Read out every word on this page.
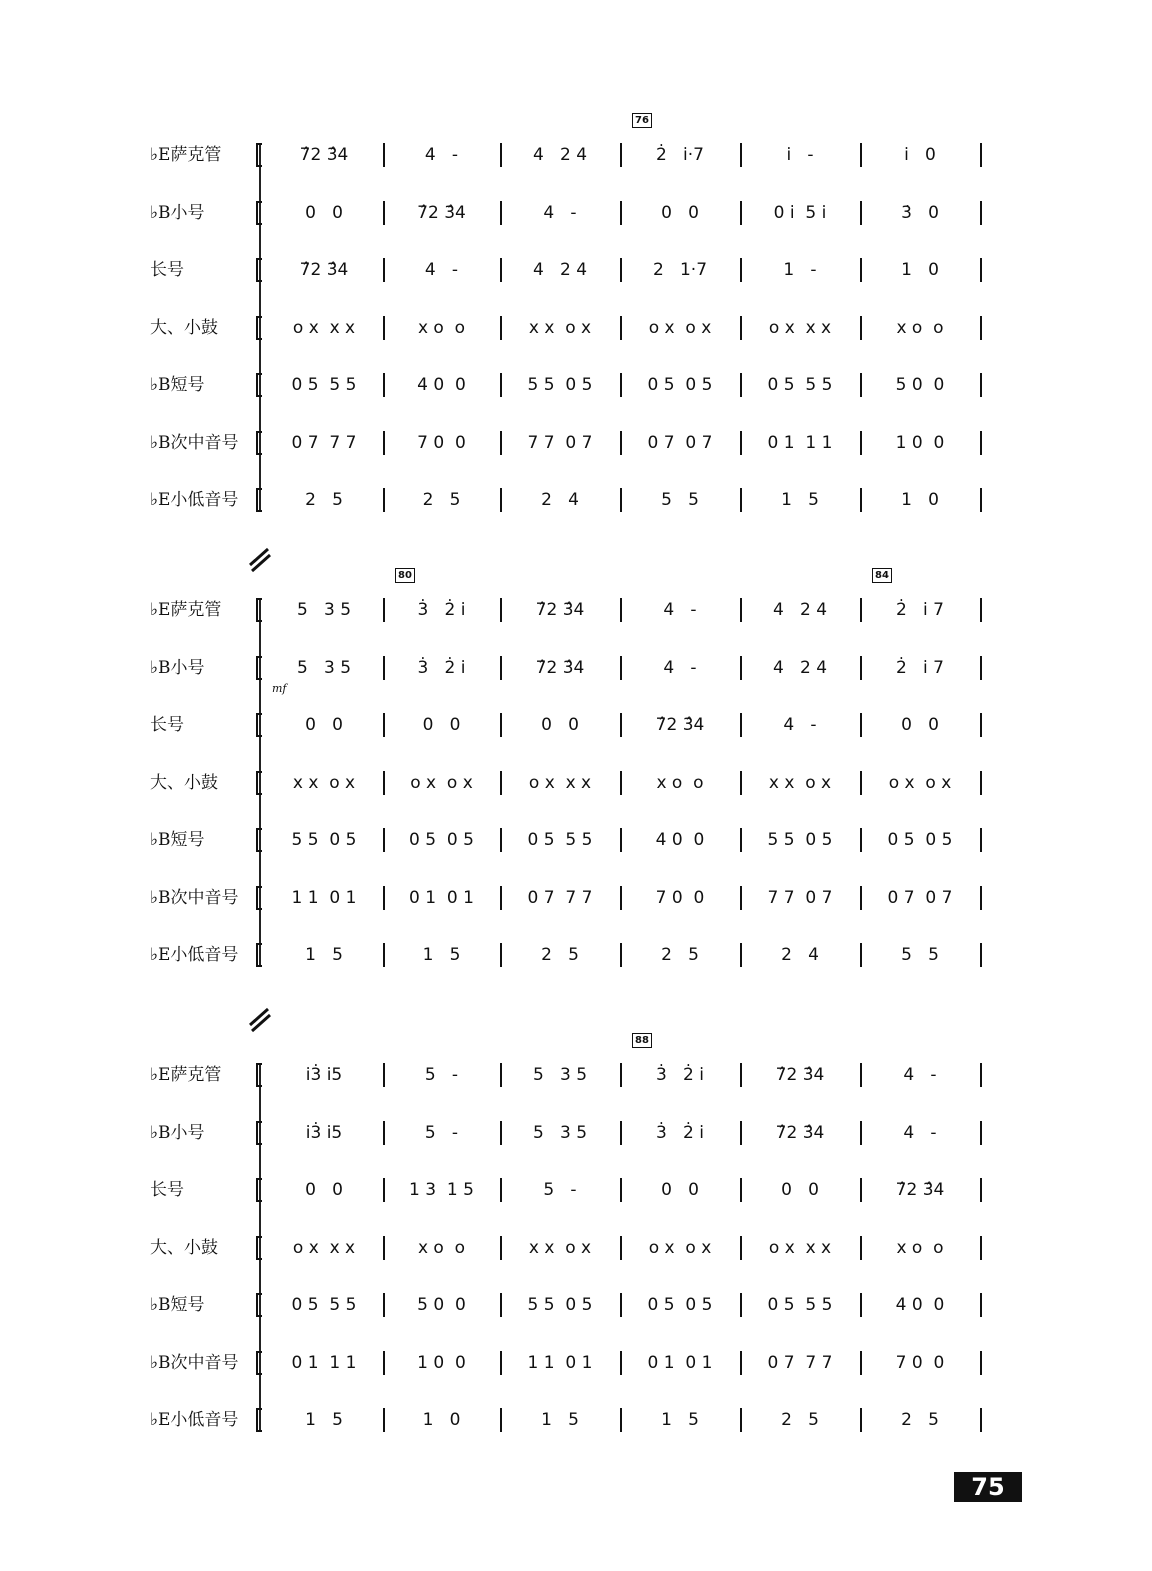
76
♭E萨克管	7̂2 3̂4	4   -	4   2 4	2̇   i̇·7	i̇   -	i̇   0
♭B小号	0   0	7̂2 3̂4	4   -	0   0	0 i̇  5 i̇	3̇   0
长号	7̂2 3̂4	4   -	4   2 4	2   1·7	1   -	1   0
大、小鼓	o x  x x	x o  o	x x  o x	o x  o x	o x  x x	x o  o
♭B短号	0 5  5 5	4 0  0	5 5  0 5	0 5  0 5	0 5  5 5	5 0  0
♭B次中音号	0 7  7 7	7 0  0	7 7  0 7	0 7  0 7	0 1  1 1	1 0  0
♭E小低音号	2   5	2   5	2   4	5   5	1   5	1   0
80	84
♭E萨克管	5   3 5	3̇   2̇ i̇	7̂2 3̂4	4   -	4   2 4	2̇   i̇ 7
♭B小号	5   3 5	3̇   2̇ i̇	7̂2 3̂4	4   -	4   2 4	2̇   i̇ 7
长号	0   0	0   0	0   0	7̂2 3̂4	4   -	0   0
大、小鼓	x x  o x	o x  o x	o x  x x	x o  o	x x  o x	o x  o x
♭B短号	5 5  0 5	0 5  0 5	0 5  5 5	4 0  0	5 5  0 5	0 5  0 5
♭B次中音号	1 1  0 1	0 1  0 1	0 7  7 7	7 0  0	7 7  0 7	0 7  0 7
♭E小低音号	1   5	1   5	2   5	2   5	2   4	5   5
mf
88
♭E萨克管	i̇3̇ i̇5	5   -	5   3 5	3̇   2̇ i̇	7̂2 3̂4	4   -
♭B小号	i̇3̇ i̇5	5   -	5   3 5	3̇   2̇ i̇	7̂2 3̂4	4   -
长号	0   0	1 3  1 5	5   -	0   0	0   0	7̂2 3̂4
大、小鼓	o x  x x	x o  o	x x  o x	o x  o x	o x  x x	x o  o
♭B短号	0 5  5 5	5 0  0	5 5  0 5	0 5  0 5	0 5  5 5	4 0  0
♭B次中音号	0 1  1 1	1 0  0	1 1  0 1	0 1  0 1	0 7  7 7	7 0  0
♭E小低音号	1   5	1   0	1   5	1   5	2   5	2   5
75
